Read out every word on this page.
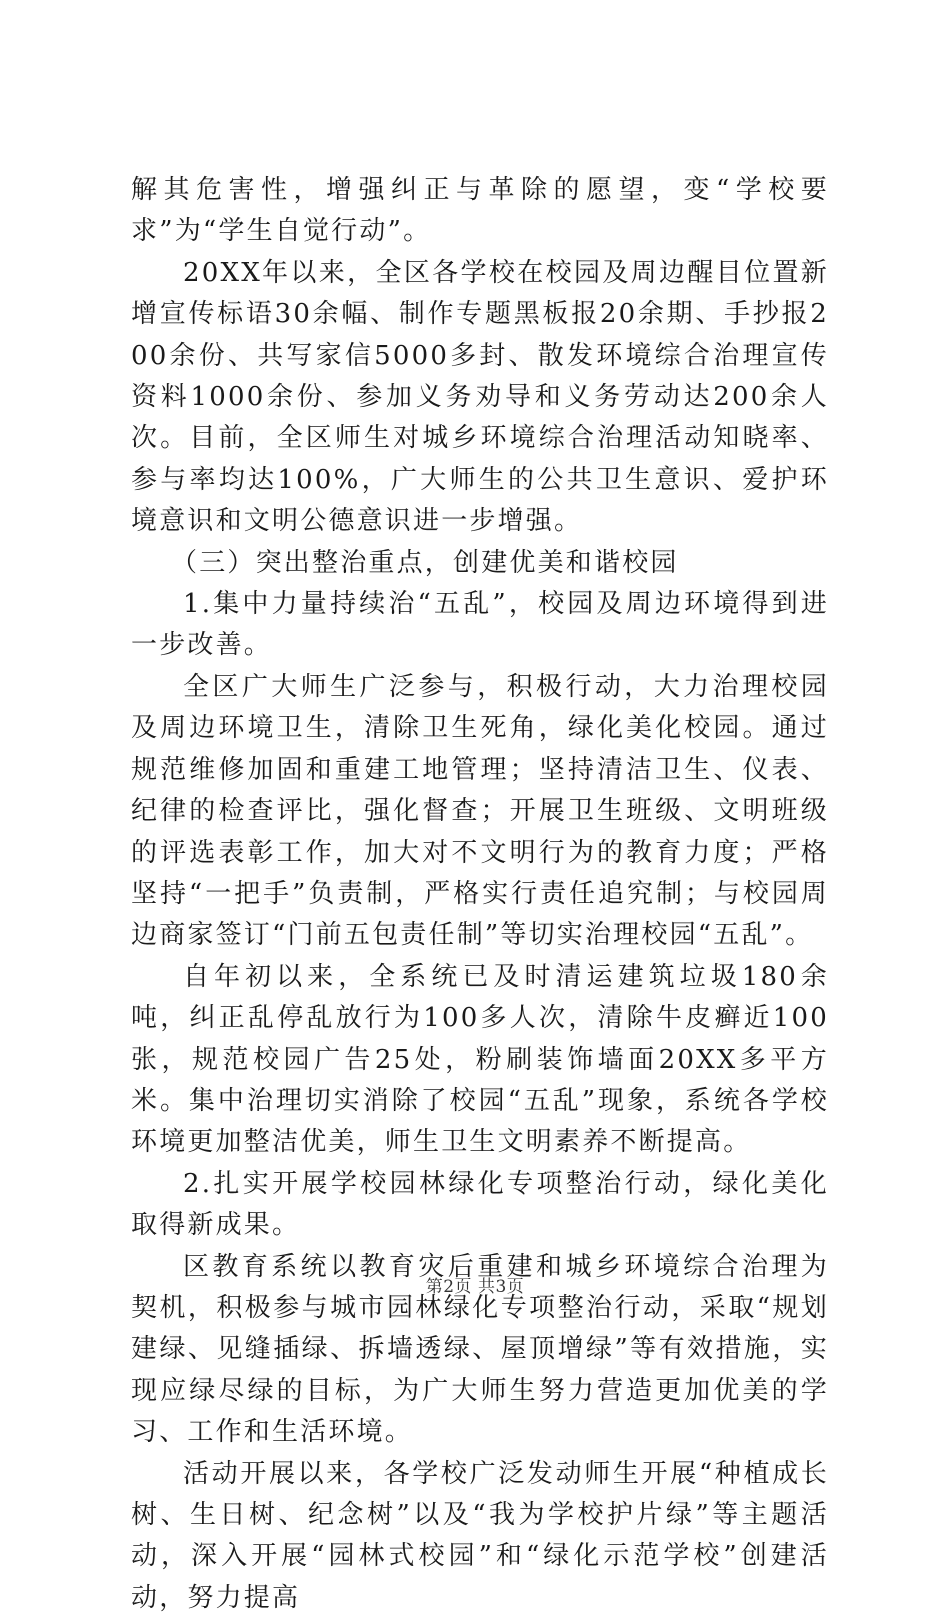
解其危害性，增强纠正与革除的愿望，变“学校要求”为“学生自觉行动”。

20XX年以来，全区各学校在校园及周边醒目位置新增宣传标语30余幅、制作专题黑板报20余期、手抄报200余份、共写家信5000多封、散发环境综合治理宣传资料1000余份、参加义务劝导和义务劳动达200余人次。目前，全区师生对城乡环境综合治理活动知晓率、参与率均达100%，广大师生的公共卫生意识、爱护环境意识和文明公德意识进一步增强。

（三）突出整治重点，创建优美和谐校园

1.集中力量持续治“五乱”，校园及周边环境得到进一步改善。

全区广大师生广泛参与，积极行动，大力治理校园及周边环境卫生，清除卫生死角，绿化美化校园。通过规范维修加固和重建工地管理；坚持清洁卫生、仪表、纪律的检查评比，强化督查；开展卫生班级、文明班级的评选表彰工作，加大对不文明行为的教育力度；严格坚持“一把手”负责制，严格实行责任追究制；与校园周边商家签订“门前五包责任制”等切实治理校园“五乱”。

自年初以来，全系统已及时清运建筑垃圾180余吨，纠正乱停乱放行为100多人次，清除牛皮癣近100张，规范校园广告25处，粉刷装饰墙面20XX多平方米。集中治理切实消除了校园“五乱”现象，系统各学校环境更加整洁优美，师生卫生文明素养不断提高。

2.扎实开展学校园林绿化专项整治行动，绿化美化取得新成果。

区教育系统以教育灾后重建和城乡环境综合治理为契机，积极参与城市园林绿化专项整治行动，采取“规划建绿、见缝插绿、拆墙透绿、屋顶增绿”等有效措施，实现应绿尽绿的目标，为广大师生努力营造更加优美的学习、工作和生活环境。

活动开展以来，各学校广泛发动师生开展“种植成长树、生日树、纪念树”以及“我为学校护片绿”等主题活动，深入开展“园林式校园”和“绿化示范学校”创建活动，努力提高

第2页 共3页
